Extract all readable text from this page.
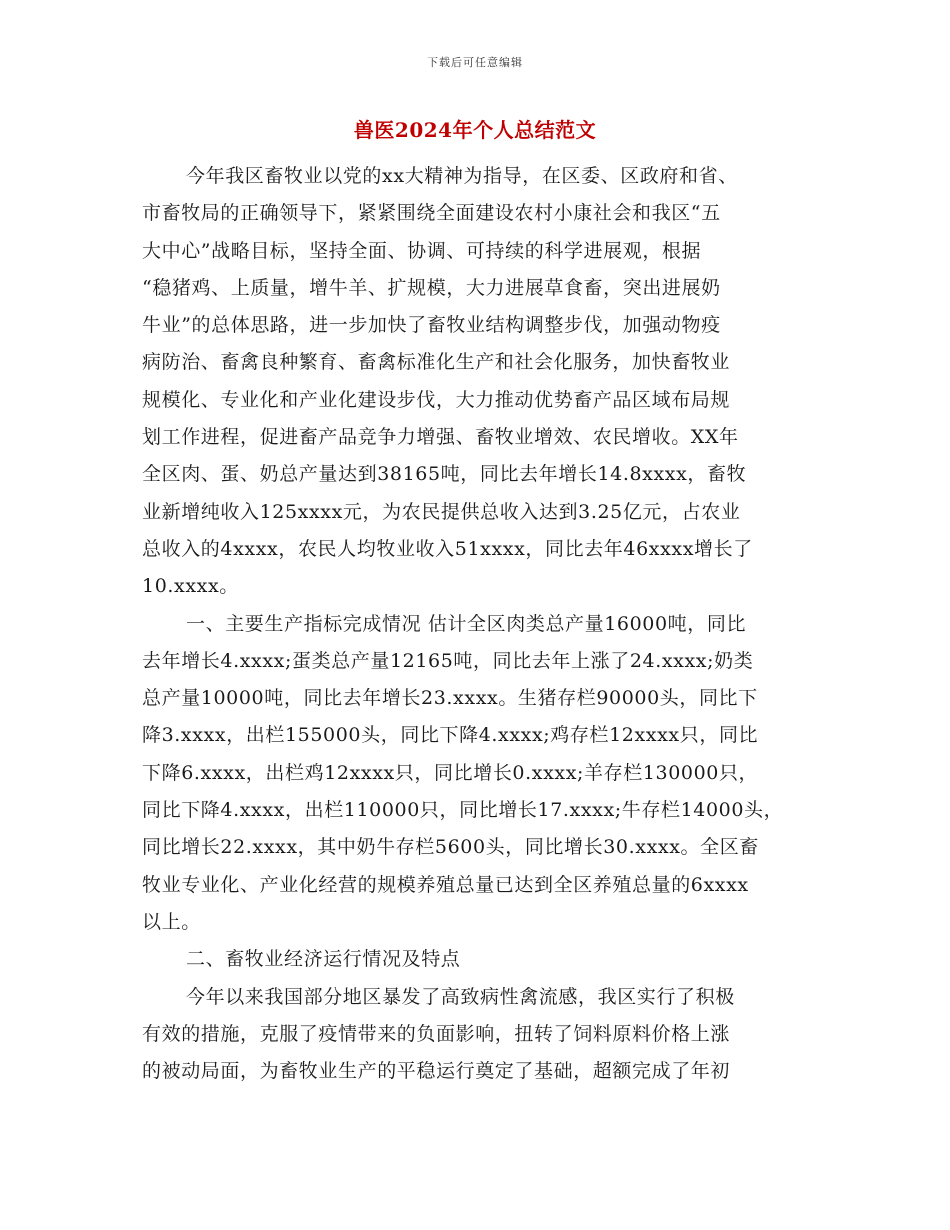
下载后可任意编辑
兽医2024年个人总结范文
今年我区畜牧业以党的xx大精神为指导，在区委、区政府和省、
市畜牧局的正确领导下，紧紧围绕全面建设农村小康社会和我区“五
大中心”战略目标，坚持全面、协调、可持续的科学进展观，根据
“稳猪鸡、上质量，增牛羊、扩规模，大力进展草食畜，突出进展奶
牛业”的总体思路，进一步加快了畜牧业结构调整步伐，加强动物疫
病防治、畜禽良种繁育、畜禽标准化生产和社会化服务，加快畜牧业
规模化、专业化和产业化建设步伐，大力推动优势畜产品区域布局规
划工作进程，促进畜产品竞争力增强、畜牧业增效、农民增收。XX年
全区肉、蛋、奶总产量达到38165吨，同比去年增长14.8xxxx，畜牧
业新增纯收入125xxxx元，为农民提供总收入达到3.25亿元，占农业
总收入的4xxxx，农民人均牧业收入51xxxx，同比去年46xxxx增长了
10.xxxx。
一、主要生产指标完成情况 估计全区肉类总产量16000吨，同比
去年增长4.xxxx;蛋类总产量12165吨，同比去年上涨了24.xxxx;奶类
总产量10000吨，同比去年增长23.xxxx。生猪存栏90000头，同比下
降3.xxxx，出栏155000头，同比下降4.xxxx;鸡存栏12xxxx只，同比
下降6.xxxx，出栏鸡12xxxx只，同比增长0.xxxx;羊存栏130000只，
同比下降4.xxxx，出栏110000只，同比增长17.xxxx;牛存栏14000头，
同比增长22.xxxx，其中奶牛存栏5600头，同比增长30.xxxx。全区畜
牧业专业化、产业化经营的规模养殖总量已达到全区养殖总量的6xxxx
以上。
二、畜牧业经济运行情况及特点
今年以来我国部分地区暴发了高致病性禽流感，我区实行了积极
有效的措施，克服了疫情带来的负面影响，扭转了饲料原料价格上涨
的被动局面，为畜牧业生产的平稳运行奠定了基础，超额完成了年初
